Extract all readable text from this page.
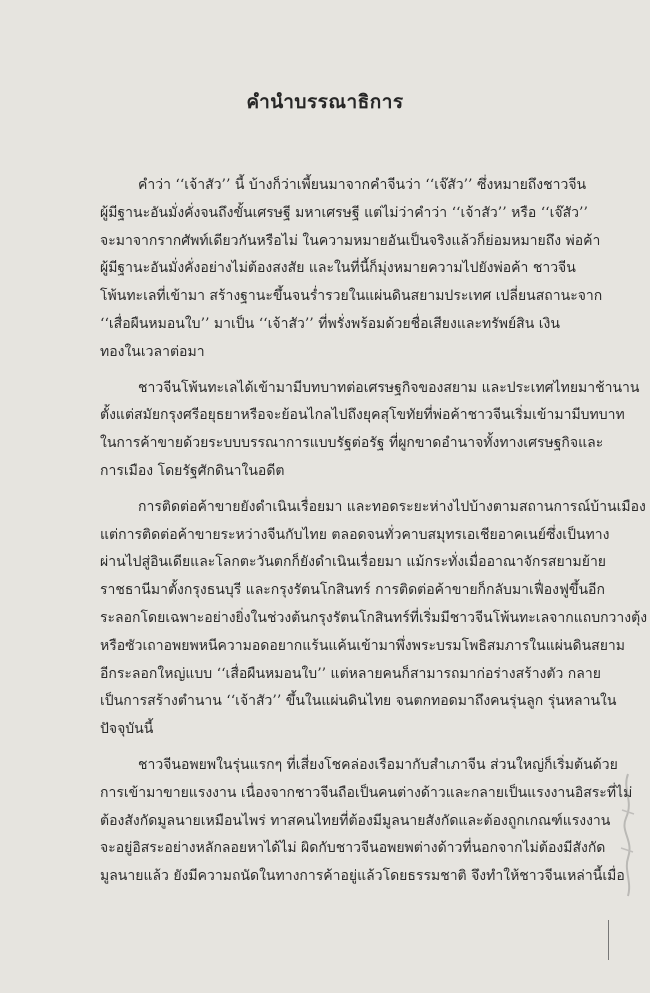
คำนำบรรณาธิการ

คำว่า ‘‘เจ้าสัว’’ นี้ บ้างก็ว่าเพี้ยนมาจากคำจีนว่า ‘‘เจ๊สัว’’ ซึ่งหมายถึงชาวจีน
ผู้มีฐานะอันมั่งคั่งจนถึงขั้นเศรษฐี มหาเศรษฐี แต่ไม่ว่าคำว่า ‘‘เจ้าสัว’’ หรือ ‘‘เจ๊สัว’’
จะมาจากรากศัพท์เดียวกันหรือไม่ ในความหมายอันเป็นจริงแล้วก็ย่อมหมายถึง พ่อค้า
ผู้มีฐานะอันมั่งคั่งอย่างไม่ต้องสงสัย และในที่นี้ก็มุ่งหมายความไปยังพ่อค้า ชาวจีน
โพ้นทะเลที่เข้ามา สร้างฐานะขึ้นจนร่ำรวยในแผ่นดินสยามประเทศ เปลี่ยนสถานะจาก
‘‘เสื่อผืนหมอนใบ’’ มาเป็น ‘‘เจ้าสัว’’ ที่พรั่งพร้อมด้วยชื่อเสียงและทรัพย์สิน เงิน
ทองในเวลาต่อมา

ชาวจีนโพ้นทะเลได้เข้ามามีบทบาทต่อเศรษฐกิจของสยาม และประเทศไทยมาช้านาน
ตั้งแต่สมัยกรุงศรีอยุธยาหรือจะย้อนไกลไปถึงยุคสุโขทัยที่พ่อค้าชาวจีนเริ่มเข้ามามีบทบาท
ในการค้าขายด้วยระบบบรรณาการแบบรัฐต่อรัฐ ที่ผูกขาดอำนาจทั้งทางเศรษฐกิจและ
การเมือง โดยรัฐศักดินาในอดีต

การติดต่อค้าขายยังดำเนินเรื่อยมา และทอดระยะห่างไปบ้างตามสถานการณ์บ้านเมือง
แต่การติดต่อค้าขายระหว่างจีนกับไทย ตลอดจนทั่วคาบสมุทรเอเชียอาคเนย์ซึ่งเป็นทาง
ผ่านไปสู่อินเดียและโลกตะวันตกก็ยังดำเนินเรื่อยมา แม้กระทั่งเมื่ออาณาจักรสยามย้าย
ราชธานีมาตั้งกรุงธนบุรี และกรุงรัตนโกสินทร์ การติดต่อค้าขายก็กลับมาเฟื่องฟูขึ้นอีก
ระลอกโดยเฉพาะอย่างยิ่งในช่วงต้นกรุงรัตนโกสินทร์ที่เริ่มมีชาวจีนโพ้นทะเลจากแถบกวางตุ้ง
หรือซัวเถาอพยพหนีความอดอยากแร้นแค้นเข้ามาพึ่งพระบรมโพธิสมภารในแผ่นดินสยาม
อีกระลอกใหญ่แบบ ‘‘เสื่อผืนหมอนใบ’’ แต่หลายคนก็สามารถมาก่อร่างสร้างตัว กลาย
เป็นการสร้างตำนาน ‘‘เจ้าสัว’’ ขึ้นในแผ่นดินไทย จนตกทอดมาถึงคนรุ่นลูก รุ่นหลานใน
ปัจจุบันนี้

ชาวจีนอพยพในรุ่นแรกๆ ที่เสี่ยงโชคล่องเรือมากับสำเภาจีน ส่วนใหญ่ก็เริ่มต้นด้วย
การเข้ามาขายแรงงาน เนื่องจากชาวจีนถือเป็นคนต่างด้าวและกลายเป็นแรงงานอิสระที่ไม่
ต้องสังกัดมูลนายเหมือนไพร่ ทาสคนไทยที่ต้องมีมูลนายสังกัดและต้องถูกเกณฑ์แรงงาน
จะอยู่อิสระอย่างหลักลอยหาได้ไม่ ผิดกับชาวจีนอพยพต่างด้าวที่นอกจากไม่ต้องมีสังกัด
มูลนายแล้ว ยังมีความถนัดในทางการค้าอยู่แล้วโดยธรรมชาติ จึงทำให้ชาวจีนเหล่านี้เมื่อ
